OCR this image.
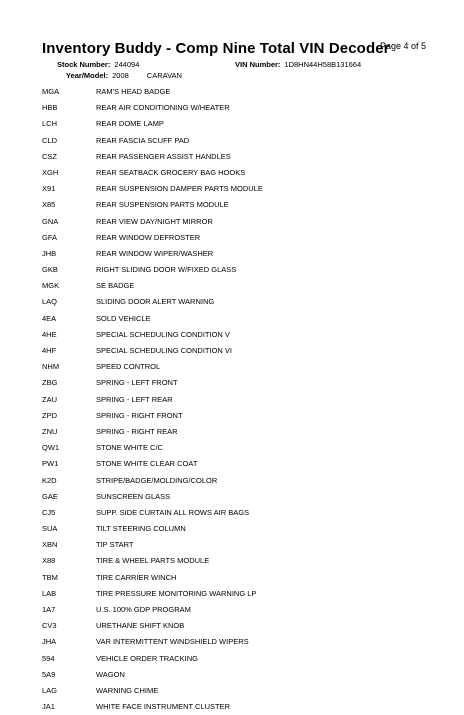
Inventory Buddy - Comp Nine Total VIN Decoder
Page 4 of 5
Stock Number: 244094	VIN Number: 1D8HN44H58B131664
Year/Model: 2008 CARAVAN
MGA	RAM'S HEAD BADGE
HBB	REAR AIR CONDITIONING W/HEATER
LCH	REAR DOME LAMP
CLD	REAR FASCIA SCUFF PAD
CSZ	REAR PASSENGER ASSIST HANDLES
XGH	REAR SEATBACK GROCERY BAG HOOKS
X91	REAR SUSPENSION DAMPER PARTS MODULE
X85	REAR SUSPENSION PARTS MODULE
GNA	REAR VIEW DAY/NIGHT MIRROR
GFA	REAR WINDOW DEFROSTER
JHB	REAR WINDOW WIPER/WASHER
GKB	RIGHT SLIDING DOOR W/FIXED GLASS
MGK	SE BADGE
LAQ	SLIDING DOOR ALERT WARNING
4EA	SOLD VEHICLE
4HE	SPECIAL SCHEDULING CONDITION V
4HF	SPECIAL SCHEDULING CONDITION VI
NHM	SPEED CONTROL
ZBG	SPRING - LEFT FRONT
ZAU	SPRING - LEFT REAR
ZPD	SPRING - RIGHT FRONT
ZNU	SPRING - RIGHT REAR
QW1	STONE WHITE C/C
PW1	STONE WHITE CLEAR COAT
K2D	STRIPE/BADGE/MOLDING/COLOR
GAE	SUNSCREEN GLASS
CJ5	SUPP. SIDE CURTAIN ALL ROWS AIR BAGS
SUA	TILT STEERING COLUMN
XBN	TIP START
X88	TIRE & WHEEL PARTS MODULE
TBM	TIRE CARRIER WINCH
LAB	TIRE PRESSURE MONITORING WARNING LP
1A7	U.S. 100% GDP PROGRAM
CV3	URETHANE SHIFT KNOB
JHA	VAR INTERMITTENT WINDSHIELD WIPERS
594	VEHICLE ORDER TRACKING
5A9	WAGON
LAG	WARNING CHIME
JA1	WHITE FACE INSTRUMENT CLUSTER
